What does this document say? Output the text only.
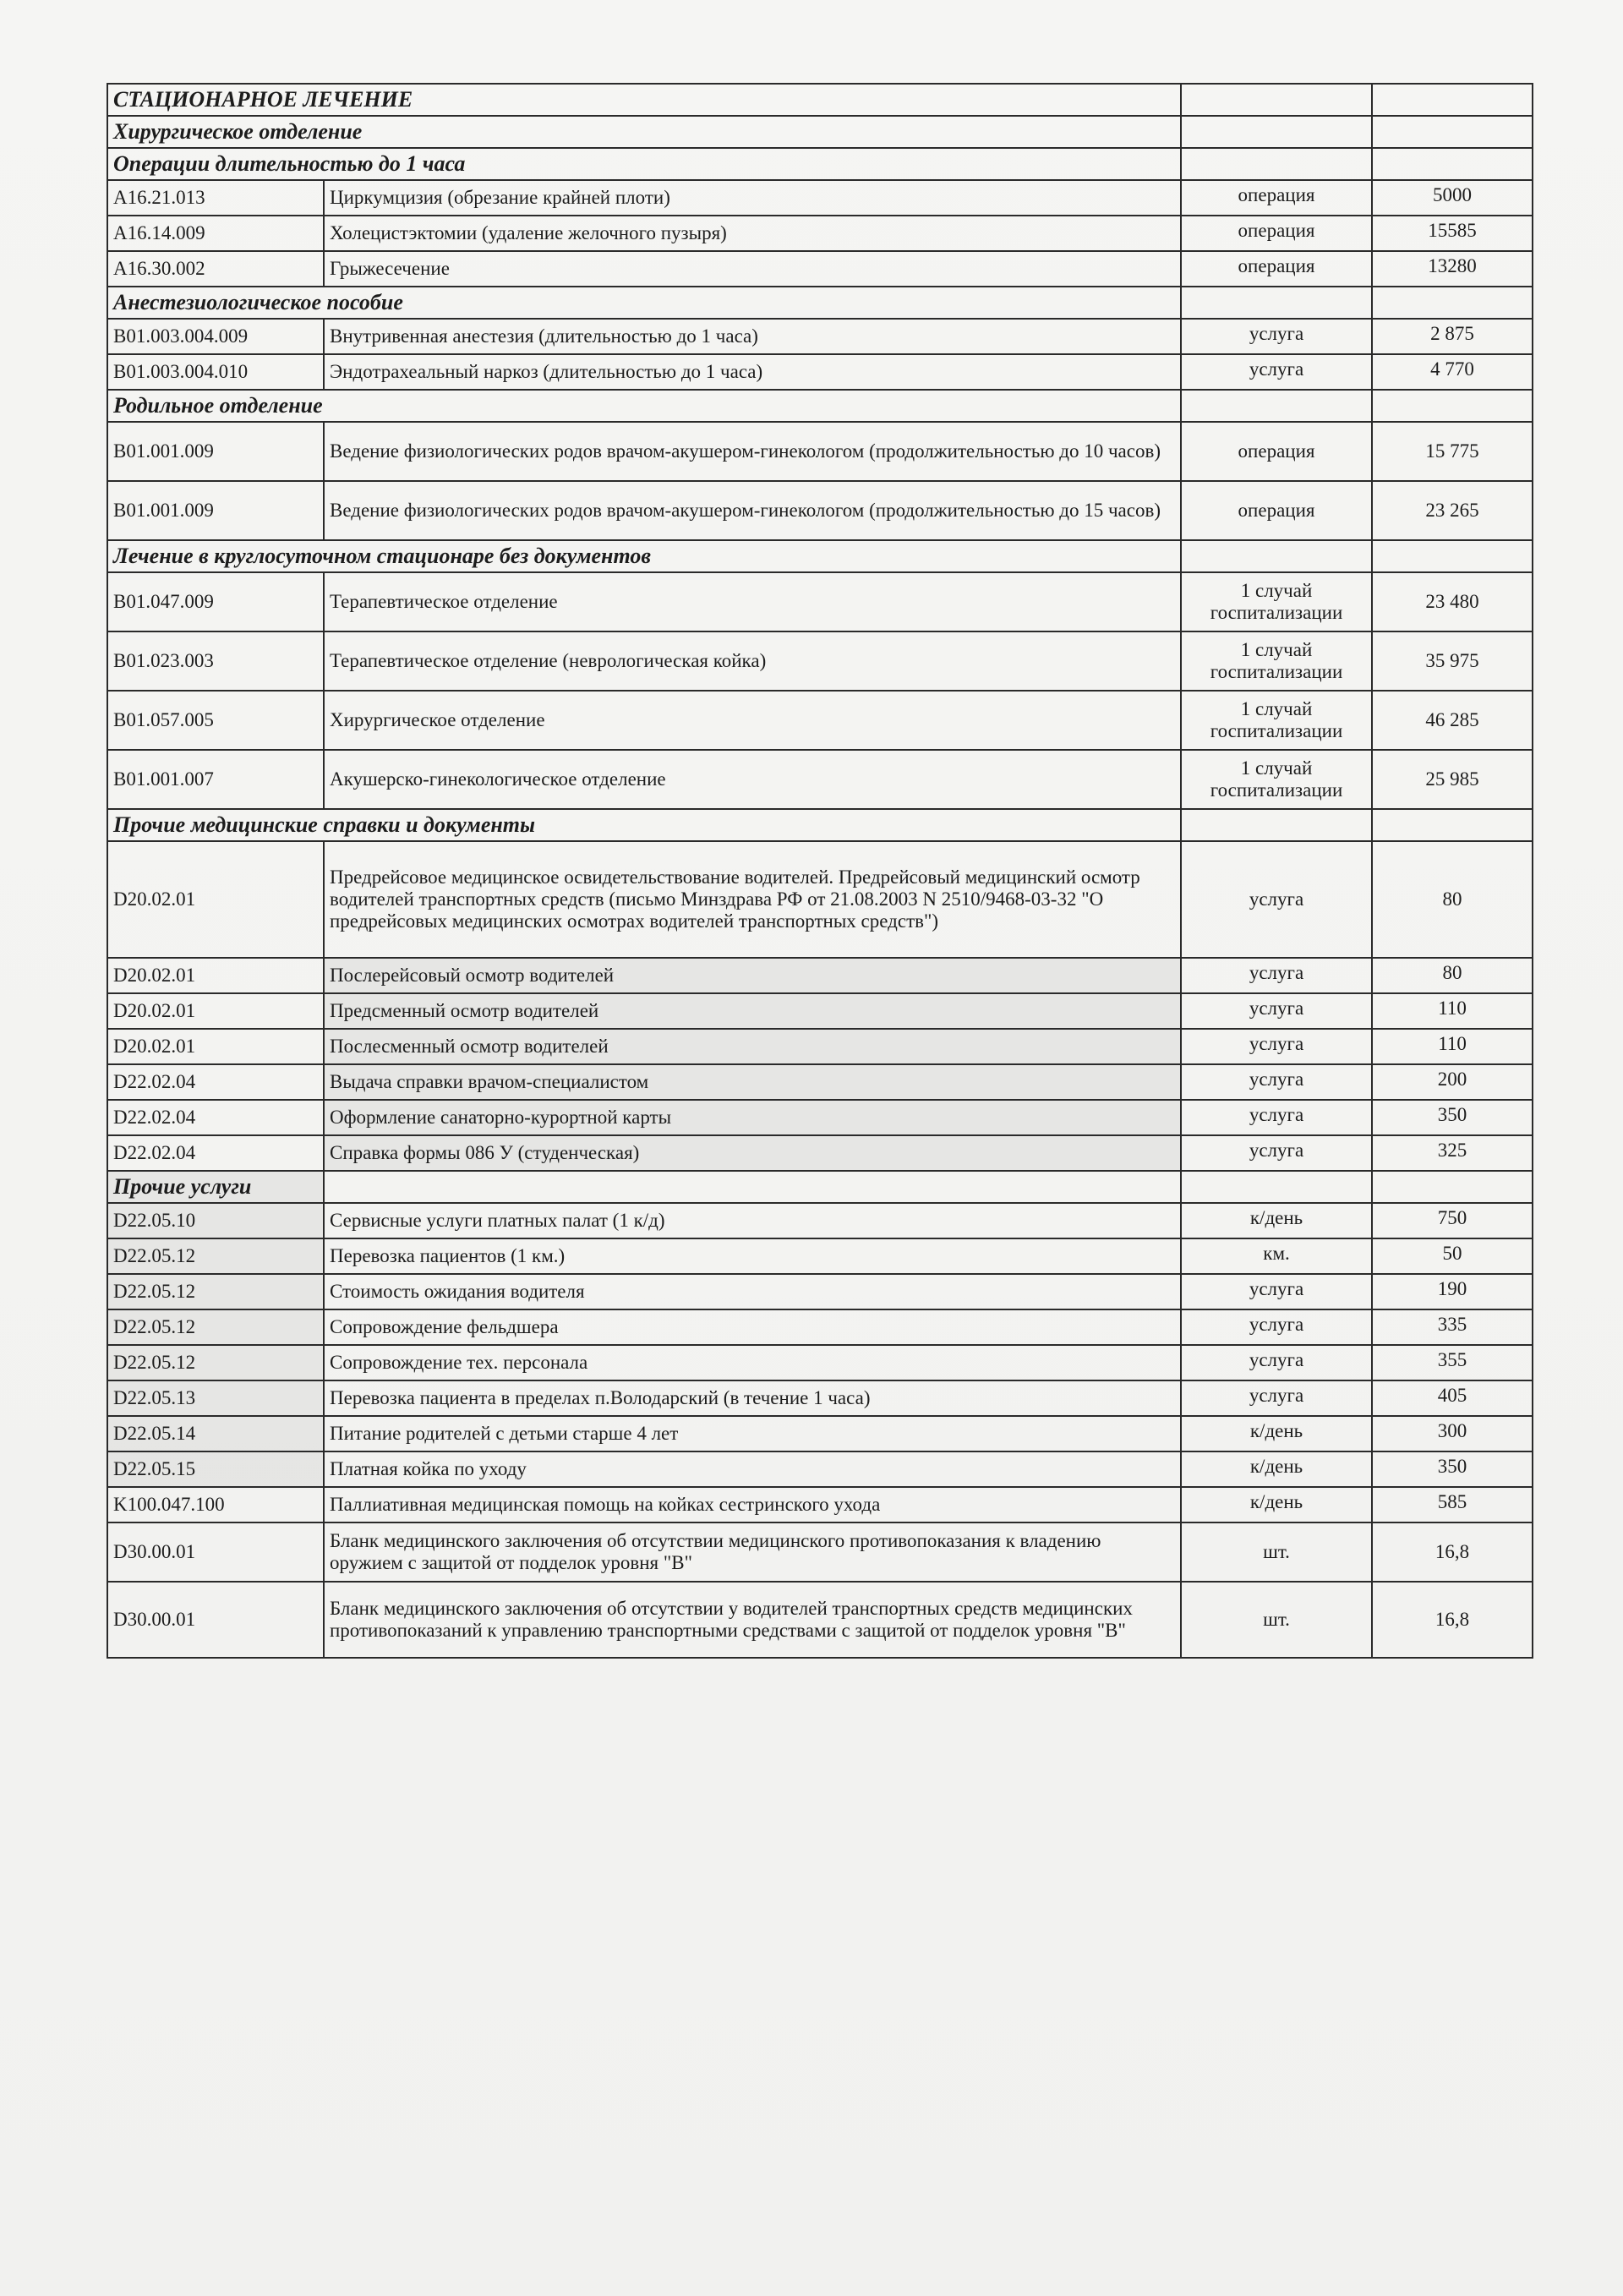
СТАЦИОНАРНОЕ ЛЕЧЕНИЕ			
Хирургическое отделение			
Операции длительностью до 1 часа			
A16.21.013	Циркумцизия (обрезание крайней плоти)	операция	5000
A16.14.009	Холецистэктомии (удаление желочного пузыря)	операция	15585
A16.30.002	Грыжесечение	операция	13280
Анестезиологическое пособие			
B01.003.004.009	Внутривенная анестезия (длительностью до 1 часа)	услуга	2 875
B01.003.004.010	Эндотрахеальный наркоз (длительностью до 1 часа)	услуга	4 770
Родильное отделение			
B01.001.009	Ведение физиологических родов врачом-акушером-гинекологом (продолжительностью до 10 часов)	операция	15 775
B01.001.009	Ведение физиологических родов врачом-акушером-гинекологом (продолжительностью до 15 часов)	операция	23 265
Лечение в круглосуточном стационаре без документов			
B01.047.009	Терапевтическое отделение	1 случай госпитализации	23 480
B01.023.003	Терапевтическое отделение (неврологическая койка)	1 случай госпитализации	35 975
B01.057.005	Хирургическое отделение	1 случай госпитализации	46 285
B01.001.007	Акушерско-гинекологическое отделение	1 случай госпитализации	25 985
Прочие медицинские справки и документы			
D20.02.01	Предрейсовое медицинское освидетельствование водителей. Предрейсовый медицинский осмотр водителей транспортных средств (письмо Минздрава РФ от 21.08.2003 N 2510/9468-03-32 "О предрейсовых медицинских осмотрах водителей транспортных средств")	услуга	80
D20.02.01	Послерейсовый осмотр водителей	услуга	80
D20.02.01	Предсменный осмотр водителей	услуга	110
D20.02.01	Послесменный осмотр водителей	услуга	110
D22.02.04	Выдача справки врачом-специалистом	услуга	200
D22.02.04	Оформление санаторно-курортной карты	услуга	350
D22.02.04	Справка формы 086 У (студенческая)	услуга	325
Прочие услуги			
D22.05.10	Сервисные услуги платных палат (1 к/д)	к/день	750
D22.05.12	Перевозка пациентов (1 км.)	км.	50
D22.05.12	Стоимость ожидания водителя	услуга	190
D22.05.12	Сопровождение фельдшера	услуга	335
D22.05.12	Сопровождение тех. персонала	услуга	355
D22.05.13	Перевозка пациента в пределах п.Володарский (в течение 1 часа)	услуга	405
D22.05.14	Питание родителей с детьми старше 4 лет	к/день	300
D22.05.15	Платная койка по уходу	к/день	350
K100.047.100	Паллиативная медицинская помощь на койках сестринского ухода	к/день	585
D30.00.01	Бланк медицинского заключения об отсутствии медицинского противопоказания к владению оружием с защитой от подделок уровня "В"	шт.	16,8
D30.00.01	Бланк медицинского заключения об отсутствии у водителей транспортных средств медицинских противопоказаний к управлению транспортными средствами с защитой от подделок уровня "В"	шт.	16,8
